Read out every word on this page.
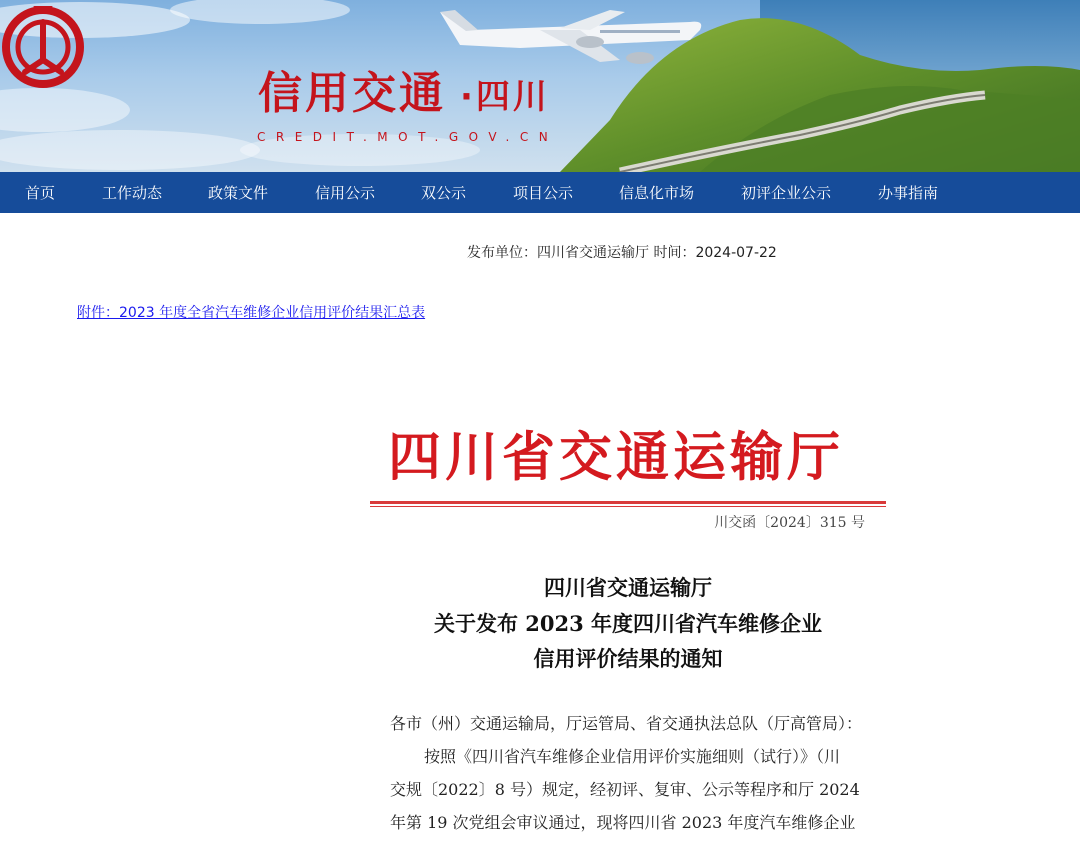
信用交通 ·四川
CREDIT.MOT.GOV.CN
首页	工作动态	政策文件	信用公示	双公示	项目公示	信息化市场	初评企业公示	办事指南
发布单位：四川省交通运输厅 时间：2024-07-22
附件：2023 年度全省汽车维修企业信用评价结果汇总表
四川省交通运输厅
川交函〔2024〕315 号
四川省交通运输厅
关于发布 2023 年度四川省汽车维修企业
信用评价结果的通知
各市（州）交通运输局，厅运管局、省交通执法总队（厅高管局）：
按照《四川省汽车维修企业信用评价实施细则（试行）》（川
交规〔2022〕8 号）规定，经初评、复审、公示等程序和厅 2024
年第 19 次党组会审议通过，现将四川省 2023 年度汽车维修企业
